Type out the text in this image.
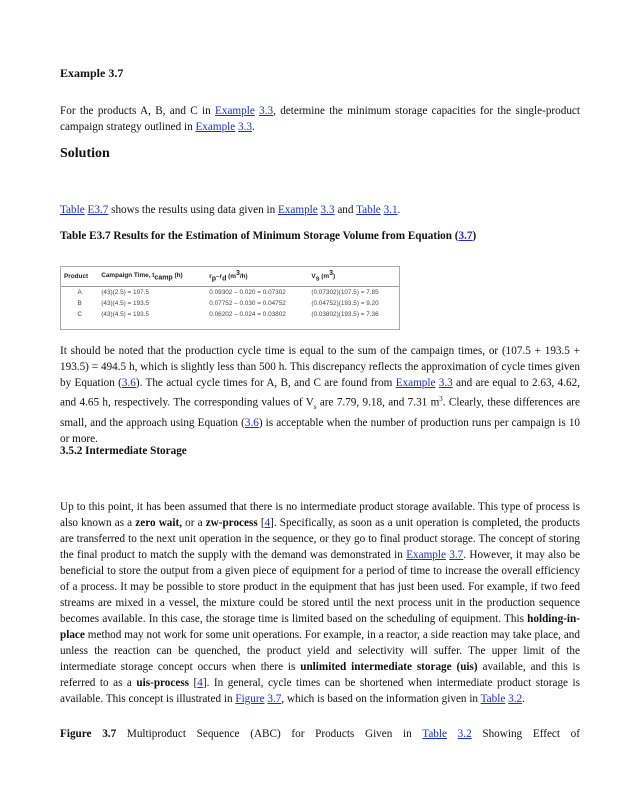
Example 3.7

For the products A, B, and C in Example 3.3, determine the minimum storage capacities for the single-product campaign strategy outlined in Example 3.3.

Solution

Table E3.7 shows the results using data given in Example 3.3 and Table 3.1.

Table E3.7 Results for the Estimation of Minimum Storage Volume from Equation (3.7)
Product	Campaign Time, $t_{camp}$ (h)	$r_p-r_d$ $(m^3/h)$	$V_s$ $(m^3)$
A	(43)(2.5) = 107.5	0.09302 – 0.020 = 0.07302	(0.07302)(107.5) = 7.85
B	(43)(4.5) = 193.5	0.07752 – 0.030 = 0.04752	(0.04752)(193.5) = 9.20
C	(43)(4.5) = 193.5	0.06202 – 0.024 = 0.03802	(0.03802)(193.5) = 7.36

It should be noted that the production cycle time is equal to the sum of the campaign times, or (107.5 + 193.5 + 193.5) = 494.5 h, which is slightly less than 500 h. This discrepancy reflects the approximation of cycle times given by Equation (3.6). The actual cycle times for A, B, and C are found from Example 3.3 and are equal to 2.63, 4.62, and 4.65 h, respectively. The corresponding values of $V_s$ are 7.79, 9.18, and 7.31 $m^3$. Clearly, these differences are small, and the approach using Equation (3.6) is acceptable when the number of production runs per campaign is 10 or more.

3.5.2 Intermediate Storage

Up to this point, it has been assumed that there is no intermediate product storage available. This type of process is also known as a zero wait, or a zw-process [4]. Specifically, as soon as a unit operation is completed, the products are transferred to the next unit operation in the sequence, or they go to final product storage. The concept of storing the final product to match the supply with the demand was demonstrated in Example 3.7. However, it may also be beneficial to store the output from a given piece of equipment for a period of time to increase the overall efficiency of a process. It may be possible to store product in the equipment that has just been used. For example, if two feed streams are mixed in a vessel, the mixture could be stored until the next process unit in the production sequence becomes available. In this case, the storage time is limited based on the scheduling of equipment. This holding-in-place method may not work for some unit operations. For example, in a reactor, a side reaction may take place, and unless the reaction can be quenched, the product yield and selectivity will suffer. The upper limit of the intermediate storage concept occurs when there is unlimited intermediate storage (uis) available, and this is referred to as a uis-process [4]. In general, cycle times can be shortened when intermediate product storage is available. This concept is illustrated in Figure 3.7, which is based on the information given in Table 3.2.

Figure 3.7 Multiproduct Sequence (ABC) for Products Given in Table 3.2 Showing Effect of
